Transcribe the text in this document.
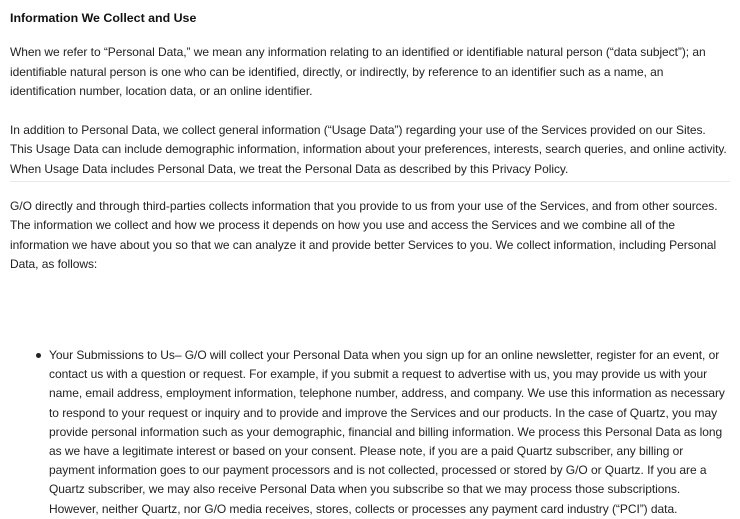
Information We Collect and Use

When we refer to “Personal Data,” we mean any information relating to an identified or identifiable natural person (“data subject”); an identifiable natural person is one who can be identified, directly, or indirectly, by reference to an identifier such as a name, an identification number, location data, or an online identifier.

In addition to Personal Data, we collect general information (“Usage Data”) regarding your use of the Services provided on our Sites. This Usage Data can include demographic information, information about your preferences, interests, search queries, and online activity. When Usage Data includes Personal Data, we treat the Personal Data as described by this Privacy Policy.

G/O directly and through third-parties collects information that you provide to us from your use of the Services, and from other sources. The information we collect and how we process it depends on how you use and access the Services and we combine all of the information we have about you so that we can analyze it and provide better Services to you. We collect information, including Personal Data, as follows:

Your Submissions to Us– G/O will collect your Personal Data when you sign up for an online newsletter, register for an event, or contact us with a question or request. For example, if you submit a request to advertise with us, you may provide us with your name, email address, employment information, telephone number, address, and company. We use this information as necessary to respond to your request or inquiry and to provide and improve the Services and our products. In the case of Quartz, you may provide personal information such as your demographic, financial and billing information. We process this Personal Data as long as we have a legitimate interest or based on your consent. Please note, if you are a paid Quartz subscriber, any billing or payment information goes to our payment processors and is not collected, processed or stored by G/O or Quartz. If you are a Quartz subscriber, we may also receive Personal Data when you subscribe so that we may process those subscriptions. However, neither Quartz, nor G/O media receives, stores, collects or processes any payment card industry (“PCI”) data.
